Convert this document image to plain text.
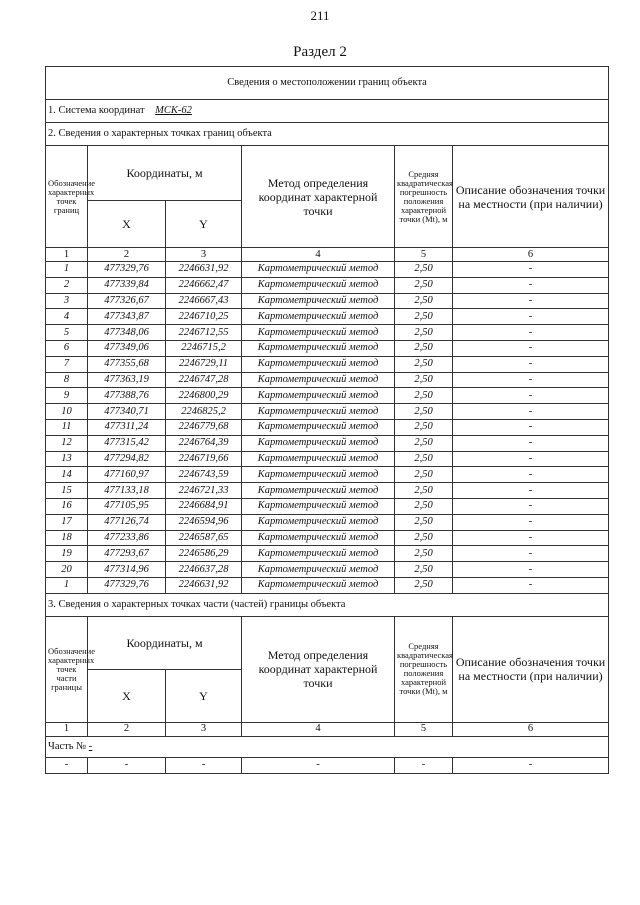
211
Раздел 2
Сведения о местоположении границ объекта					
1. Система координат МСК-62					
2. Сведения о характерных точках границ объекта					
Обозначение характерных точек границ	Координаты, м		Метод определения координат характерной точки	Средняя квадратическая погрешность положения характерной точки (Mt), м	Описание обозначения точки на местности (при наличии)
	X	Y			
1	2	3	4	5	6
1	477329,76	2246631,92	Картометрический метод	2,50	-
2	477339,84	2246662,47	Картометрический метод	2,50	-
3	477326,67	2246667,43	Картометрический метод	2,50	-
4	477343,87	2246710,25	Картометрический метод	2,50	-
5	477348,06	2246712,55	Картометрический метод	2,50	-
6	477349,06	2246715,2	Картометрический метод	2,50	-
7	477355,68	2246729,11	Картометрический метод	2,50	-
8	477363,19	2246747,28	Картометрический метод	2,50	-
9	477388,76	2246800,29	Картометрический метод	2,50	-
10	477340,71	2246825,2	Картометрический метод	2,50	-
11	477311,24	2246779,68	Картометрический метод	2,50	-
12	477315,42	2246764,39	Картометрический метод	2,50	-
13	477294,82	2246719,66	Картометрический метод	2,50	-
14	477160,97	2246743,59	Картометрический метод	2,50	-
15	477133,18	2246721,33	Картометрический метод	2,50	-
16	477105,95	2246684,91	Картометрический метод	2,50	-
17	477126,74	2246594,96	Картометрический метод	2,50	-
18	477233,86	2246587,65	Картометрический метод	2,50	-
19	477293,67	2246586,29	Картометрический метод	2,50	-
20	477314,96	2246637,28	Картометрический метод	2,50	-
1	477329,76	2246631,92	Картометрический метод	2,50	-
3. Сведения о характерных точках части (частей) границы объекта					
Обозначение характерных точек части границы	Координаты, м		Метод определения координат характерной точки	Средняя квадратическая погрешность положения характерной точки (Mt), м	Описание обозначения точки на местности (при наличии)
	X	Y			
1	2	3	4	5	6
Часть № -					
-	-	-	-	-	-
